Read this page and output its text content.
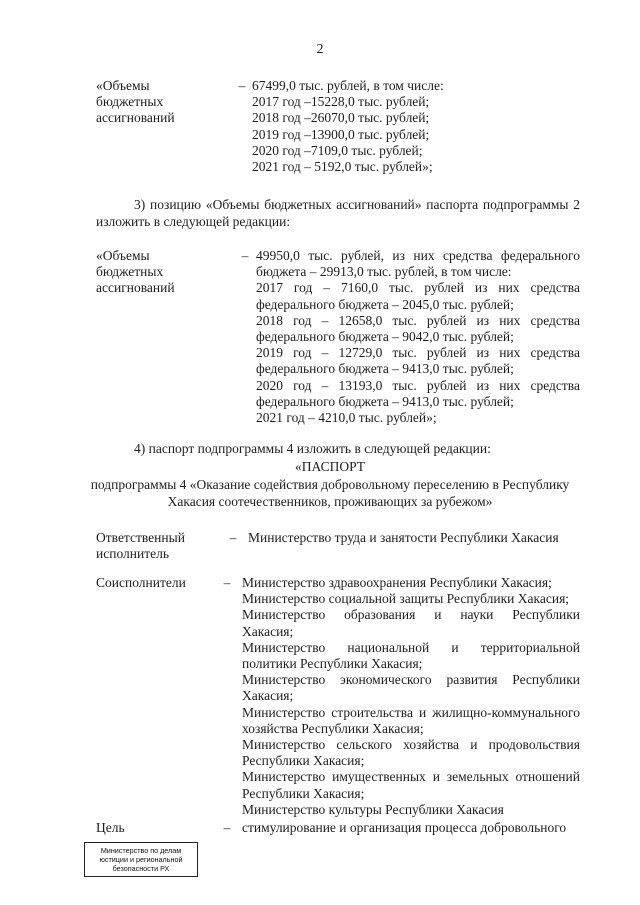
2
«Объемы
бюджетных
ассигнований
– 67499,0 тыс. рублей, в том числе:
2017 год –15228,0 тыс. рублей;
2018 год –26070,0 тыс. рублей;
2019 год –13900,0 тыс. рублей;
2020 год –7109,0 тыс. рублей;
2021 год – 5192,0 тыс. рублей»;
3) позицию «Объемы бюджетных ассигнований» паспорта подпрограммы 2 изложить в следующей редакции:
«Объемы
бюджетных
ассигнований
– 49950,0 тыс. рублей, из них средства федерального
бюджета – 29913,0 тыс. рублей, в том числе:
2017 год – 7160,0 тыс. рублей из них средства
федерального бюджета – 2045,0 тыс. рублей;
2018 год – 12658,0 тыс. рублей из них средства
федерального бюджета – 9042,0 тыс. рублей;
2019 год – 12729,0 тыс. рублей из них средства
федерального бюджета – 9413,0 тыс. рублей;
2020 год – 13193,0 тыс. рублей из них средства
федерального бюджета – 9413,0 тыс. рублей;
2021 год – 4210,0 тыс. рублей»;
4) паспорт подпрограммы 4 изложить в следующей редакции:
«ПАСПОРТ
подпрограммы 4 «Оказание содействия добровольному переселению в Республику
Хакасия соотечественников, проживающих за рубежом»
Ответственный
исполнитель
– Министерство труда и занятости Республики Хакасия
Соисполнители	– Министерство здравоохранения Республики Хакасия;
Министерство социальной защиты Республики Хакасия;
Министерство образования и науки Республики
Хакасия;
Министерство национальной и территориальной
политики Республики Хакасия;
Министерство экономического развития Республики
Хакасия;
Министерство строительства и жилищно-коммунального
хозяйства Республики Хакасия;
Министерство сельского хозяйства и продовольствия
Республики Хакасия;
Министерство имущественных и земельных отношений
Республики Хакасия;
Министерство культуры Республики Хакасия
Цель	– стимулирование и организация процесса добровольного
Министерство по делам
юстиции и региональной
безопасности РХ
